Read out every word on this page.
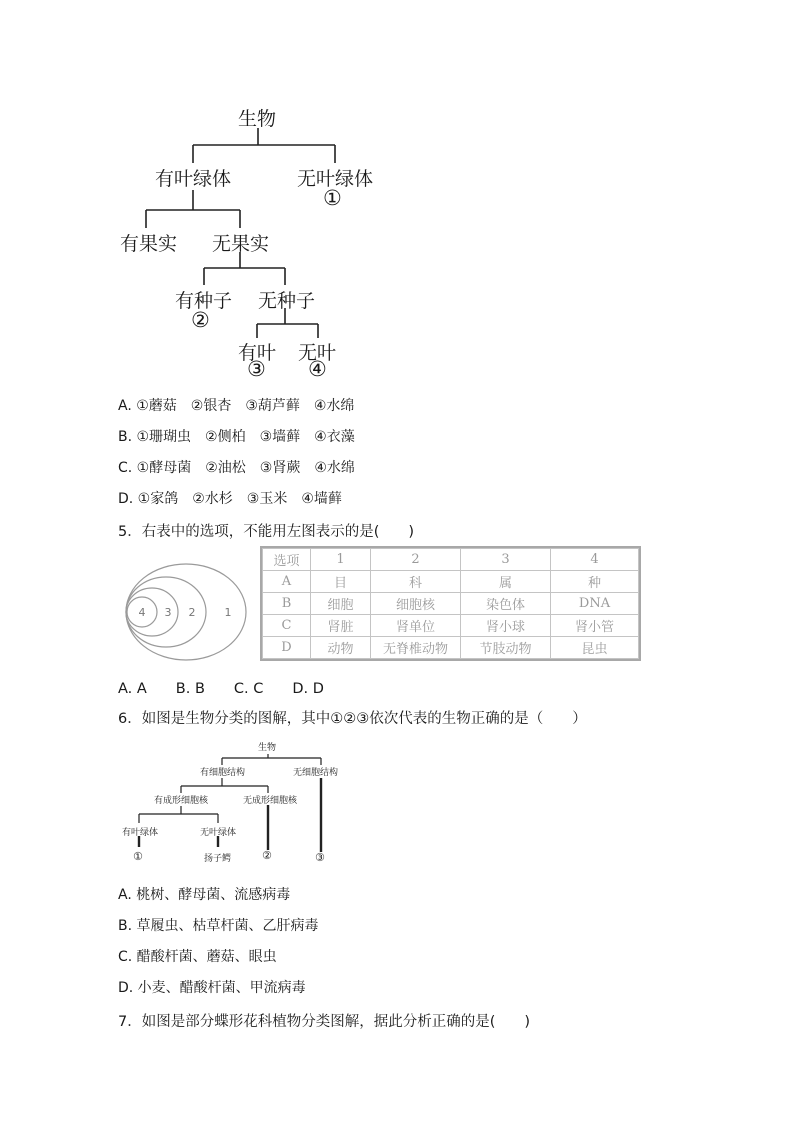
生物
有叶绿体	无叶绿体
①
有果实 无果实
有种子
②
无种子
有叶
③
无叶
④
A. ①蘑菇　②银杏　③葫芦藓　④水绵
B. ①珊瑚虫　②侧柏　③墙藓　④衣藻
C. ①酵母菌　②油松　③肾蕨　④水绵
D. ①家鸽　②水杉　③玉米　④墙藓
5．右表中的选项，不能用左图表示的是(　　)
4 3 2	1
选项	1	2	3	4
A	目	科	属	种
B	细胞	细胞核	染色体	DNA
C	肾脏	肾单位	肾小球	肾小管
D	动物	无脊椎动物	节肢动物	昆虫
A. A　　B. B　　C. C　　D. D
6．如图是生物分类的图解，其中①②③依次代表的生物正确的是（　　）
生物
有细胞结构	无细胞结构
有成形细胞核	无成形细胞核
有叶绿体	无叶绿体
①	扬子鳄	②	③
A. 桃树、酵母菌、流感病毒
B. 草履虫、枯草杆菌、乙肝病毒
C. 醋酸杆菌、蘑菇、眼虫
D. 小麦、醋酸杆菌、甲流病毒
7．如图是部分蝶形花科植物分类图解，据此分析正确的是(　　)
